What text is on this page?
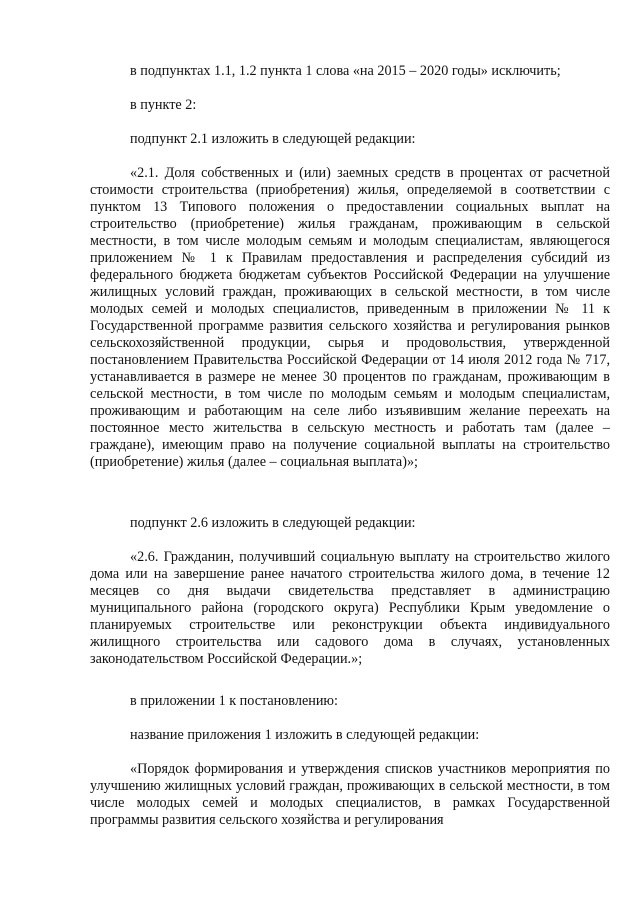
в подпунктах 1.1, 1.2 пункта 1 слова «на 2015 – 2020 годы» исключить;

в пункте 2:

подпункт 2.1 изложить в следующей редакции:

«2.1. Доля собственных и (или) заемных средств в процентах от расчетной стоимости строительства (приобретения) жилья, определяемой в соответствии с пунктом 13 Типового положения о предоставлении социальных выплат на строительство (приобретение) жилья гражданам, проживающим в сельской местности, в том числе молодым семьям и молодым специалистам, являющегося приложением № 1 к Правилам предоставления и распределения субсидий из федерального бюджета бюджетам субъектов Российской Федерации на улучшение жилищных условий граждан, проживающих в сельской местности, в том числе молодых семей и молодых специалистов, приведенным в приложении № 11 к Государственной программе развития сельского хозяйства и регулирования рынков сельскохозяйственной продукции, сырья и продовольствия, утвержденной постановлением Правительства Российской Федерации от 14 июля 2012 года № 717, устанавливается в размере не менее 30 процентов по гражданам, проживающим в сельской местности, в том числе по молодым семьям и молодым специалистам, проживающим и работающим на селе либо изъявившим желание переехать на постоянное место жительства в сельскую местность и работать там (далее – граждане), имеющим право на получение социальной выплаты на строительство (приобретение) жилья (далее – социальная выплата)»;

подпункт 2.6 изложить в следующей редакции:

«2.6. Гражданин, получивший социальную выплату на строительство жилого дома или на завершение ранее начатого строительства жилого дома, в течение 12 месяцев со дня выдачи свидетельства представляет в администрацию муниципального района (городского округа) Республики Крым уведомление о планируемых строительстве или реконструкции объекта индивидуального жилищного строительства или садового дома в случаях, установленных законодательством Российской Федерации.»;

в приложении 1 к постановлению:

название приложения 1 изложить в следующей редакции:

«Порядок формирования и утверждения списков участников мероприятия по улучшению жилищных условий граждан, проживающих в сельской местности, в том числе молодых семей и молодых специалистов, в рамках Государственной программы развития сельского хозяйства и регулирования
